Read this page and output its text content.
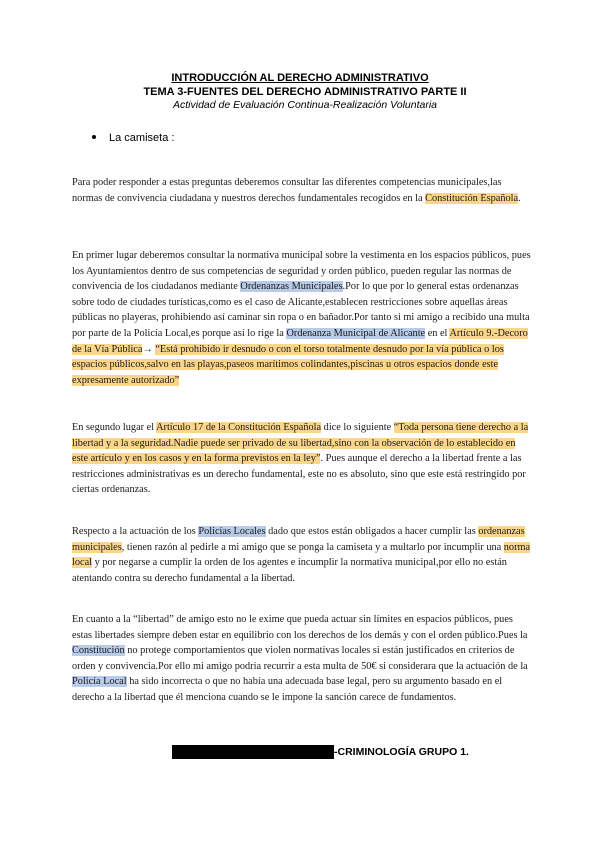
INTRODUCCIÓN AL DERECHO ADMINISTRATIVO
TEMA 3-FUENTES DEL DERECHO ADMINISTRATIVO PARTE II
Actividad de Evaluación Continua-Realización Voluntaria
La camiseta :
Para poder responder a estas preguntas deberemos consultar las diferentes competencias municipales,las normas de convivencia ciudadana y nuestros derechos fundamentales recogidos en la Constitución Española.
En primer lugar deberemos consultar la normativa municipal sobre la vestimenta en los espacios públicos, pues los Ayuntamientos dentro de sus competencias de seguridad y orden público, pueden regular las normas de convivencia de los ciudadanos mediante Ordenanzas Municipales.Por lo que por lo general estas ordenanzas sobre todo de ciudades turísticas,como es el caso de Alicante,establecen restricciones sobre aquellas áreas públicas no playeras, prohibiendo así caminar sin ropa o en bañador.Por tanto si mi amigo a recibido una multa por parte de la Policía Local,es porque así lo rige la Ordenanza Municipal de Alicante en el Artículo 9.-Decoro de la Vía Pública→ “Está prohibido ir desnudo o con el torso totalmente desnudo por la vía pública o los espacios públicos,salvo en las playas,paseos marítimos colindantes,piscinas u otros espacios donde este expresamente autorizado”
En segundo lugar el Artículo 17 de la Constitución Española dice lo siguiente “Toda persona tiene derecho a la libertad y a la seguridad.Nadie puede ser privado de su libertad,sino con la observación de lo establecido en este artículo y en los casos y en la forma previstos en la ley”. Pues aunque el derecho a la libertad frente a las restricciones administrativas es un derecho fundamental, este no es absoluto, sino que este está restringido por ciertas ordenanzas.
Respecto a la actuación de los Policías Locales dado que estos están obligados a hacer cumplir las ordenanzas municipales, tienen razón al pedirle a mi amigo que se ponga la camiseta y a multarlo por incumplir una norma local y por negarse a cumplir la orden de los agentes e incumplir la normativa municipal,por ello no están atentando contra su derecho fundamental a la libertad.
En cuanto a la “libertad” de amigo esto no le exime que pueda actuar sin límites en espacios públicos, pues estas libertades siempre deben estar en equilibrio con los derechos de los demás y con el orden público.Pues la Constitución no protege comportamientos que violen normativas locales si están justificados en criterios de orden y convivencia.Por ello mi amigo podría recurrir a esta multa de 50€ si considerara que la actuación de la Policía Local ha sido incorrecta o que no había una adecuada base legal, pero su argumento basado en el derecho a la libertad que él menciona cuando se le impone la sanción carece de fundamentos.
-CRIMINOLOGÍA GRUPO 1.
